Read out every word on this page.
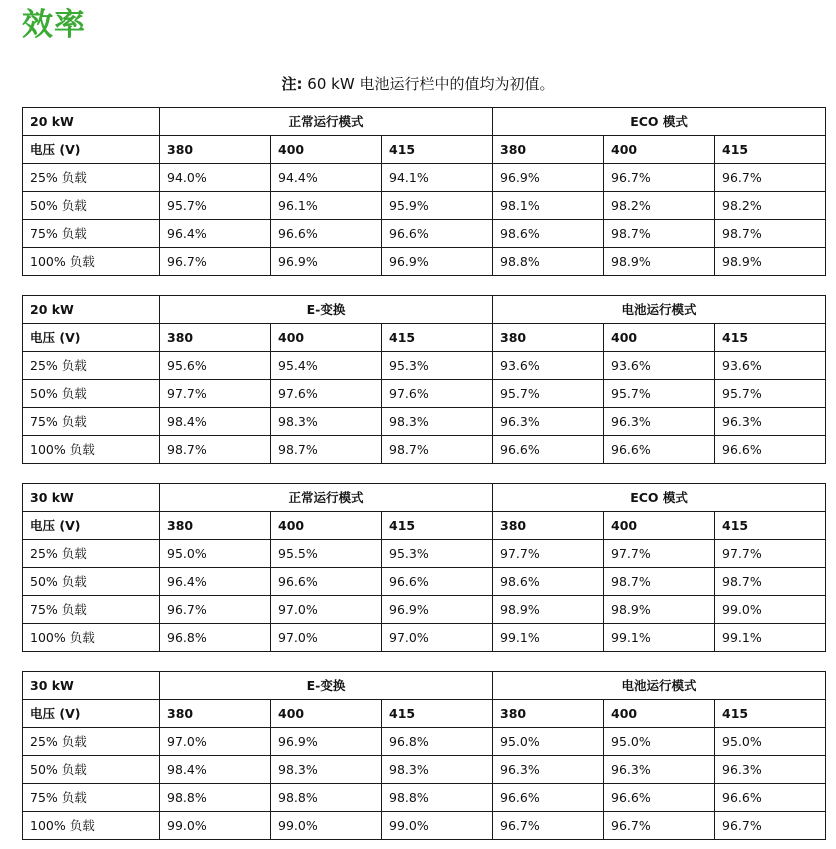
效率
注: 60 kW 电池运行栏中的值均为初值。
20 kW	正常运行模式			ECO 模式		
电压 (V)	380	400	415	380	400	415
25% 负载	94.0%	94.4%	94.1%	96.9%	96.7%	96.7%
50% 负载	95.7%	96.1%	95.9%	98.1%	98.2%	98.2%
75% 负载	96.4%	96.6%	96.6%	98.6%	98.7%	98.7%
100% 负载	96.7%	96.9%	96.9%	98.8%	98.9%	98.9%
20 kW	E-变换			电池运行模式		
电压 (V)	380	400	415	380	400	415
25% 负载	95.6%	95.4%	95.3%	93.6%	93.6%	93.6%
50% 负载	97.7%	97.6%	97.6%	95.7%	95.7%	95.7%
75% 负载	98.4%	98.3%	98.3%	96.3%	96.3%	96.3%
100% 负载	98.7%	98.7%	98.7%	96.6%	96.6%	96.6%
30 kW	正常运行模式			ECO 模式		
电压 (V)	380	400	415	380	400	415
25% 负载	95.0%	95.5%	95.3%	97.7%	97.7%	97.7%
50% 负载	96.4%	96.6%	96.6%	98.6%	98.7%	98.7%
75% 负载	96.7%	97.0%	96.9%	98.9%	98.9%	99.0%
100% 负载	96.8%	97.0%	97.0%	99.1%	99.1%	99.1%
30 kW	E-变换			电池运行模式		
电压 (V)	380	400	415	380	400	415
25% 负载	97.0%	96.9%	96.8%	95.0%	95.0%	95.0%
50% 负载	98.4%	98.3%	98.3%	96.3%	96.3%	96.3%
75% 负载	98.8%	98.8%	98.8%	96.6%	96.6%	96.6%
100% 负载	99.0%	99.0%	99.0%	96.7%	96.7%	96.7%
